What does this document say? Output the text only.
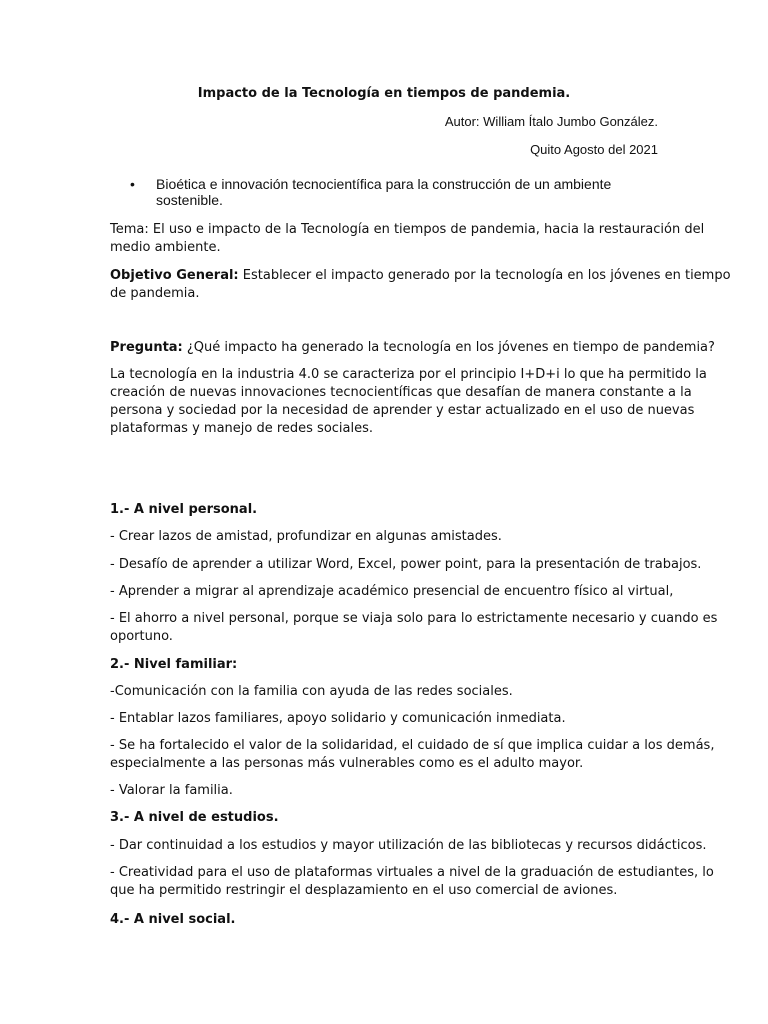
Impacto de la Tecnología en tiempos de pandemia.
Autor: William Ítalo Jumbo González.
Quito Agosto del 2021
• Bioética e innovación tecnocientífica para la construcción de un ambiente sostenible.
Tema: El uso e impacto de la Tecnología en tiempos de pandemia, hacia la restauración del
medio ambiente.
Objetivo General: Establecer el impacto generado por la tecnología en los jóvenes en tiempo
de pandemia.
Pregunta: ¿Qué impacto ha generado la tecnología en los jóvenes en tiempo de pandemia?
La tecnología en la industria 4.0 se caracteriza por el principio I+D+i lo que ha permitido la
creación de nuevas innovaciones tecnocientíficas que desafían de manera constante a la
persona y sociedad por la necesidad de aprender y estar actualizado en el uso de nuevas
plataformas y manejo de redes sociales.
1.- A nivel personal.
- Crear lazos de amistad, profundizar en algunas amistades.
- Desafío de aprender a utilizar Word, Excel, power point, para la presentación de trabajos.
- Aprender a migrar al aprendizaje académico presencial de encuentro físico al virtual,
- El ahorro a nivel personal, porque se viaja solo para lo estrictamente necesario y cuando es
oportuno.
2.- Nivel familiar:
-Comunicación con la familia con ayuda de las redes sociales.
- Entablar lazos familiares, apoyo solidario y comunicación inmediata.
- Se ha fortalecido el valor de la solidaridad, el cuidado de sí que implica cuidar a los demás,
especialmente a las personas más vulnerables como es el adulto mayor.
- Valorar la familia.
3.- A nivel de estudios.
- Dar continuidad a los estudios y mayor utilización de las bibliotecas y recursos didácticos.
- Creatividad para el uso de plataformas virtuales a nivel de la graduación de estudiantes, lo
que ha permitido restringir el desplazamiento en el uso comercial de aviones.
4.- A nivel social.
